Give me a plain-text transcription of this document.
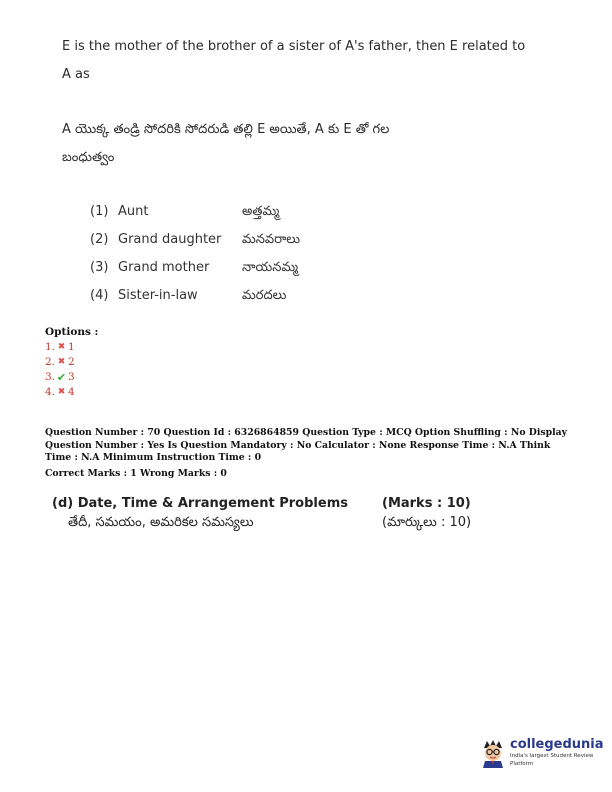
E is the mother of the brother of a sister of A's father, then E related to
A as
A యొక్క తండ్రి సోదరికి సోదరుడి తల్లి E అయితే, A కు E తో గల
బంధుత్వం
(1) Aunt	అత్తమ్మ
(2) Grand daughter	మనవరాలు
(3) Grand mother	నాయనమ్మ
(4) Sister-in-law	మరదలు
Options :
1. ✖ 1
2. ✖ 2
3. ✔ 3
4. ✖ 4
Question Number : 70 Question Id : 6326864859 Question Type : MCQ Option Shuffling : No Display Question Number : Yes Is Question Mandatory : No Calculator : None Response Time : N.A Think Time : N.A Minimum Instruction Time : 0
Correct Marks : 1 Wrong Marks : 0
(d) Date, Time & Arrangement Problems	(Marks : 10)
తేదీ, సమయం, అమరికల సమస్యలు	(మార్కులు : 10)
collegedunia
India's largest Student Review Platform
